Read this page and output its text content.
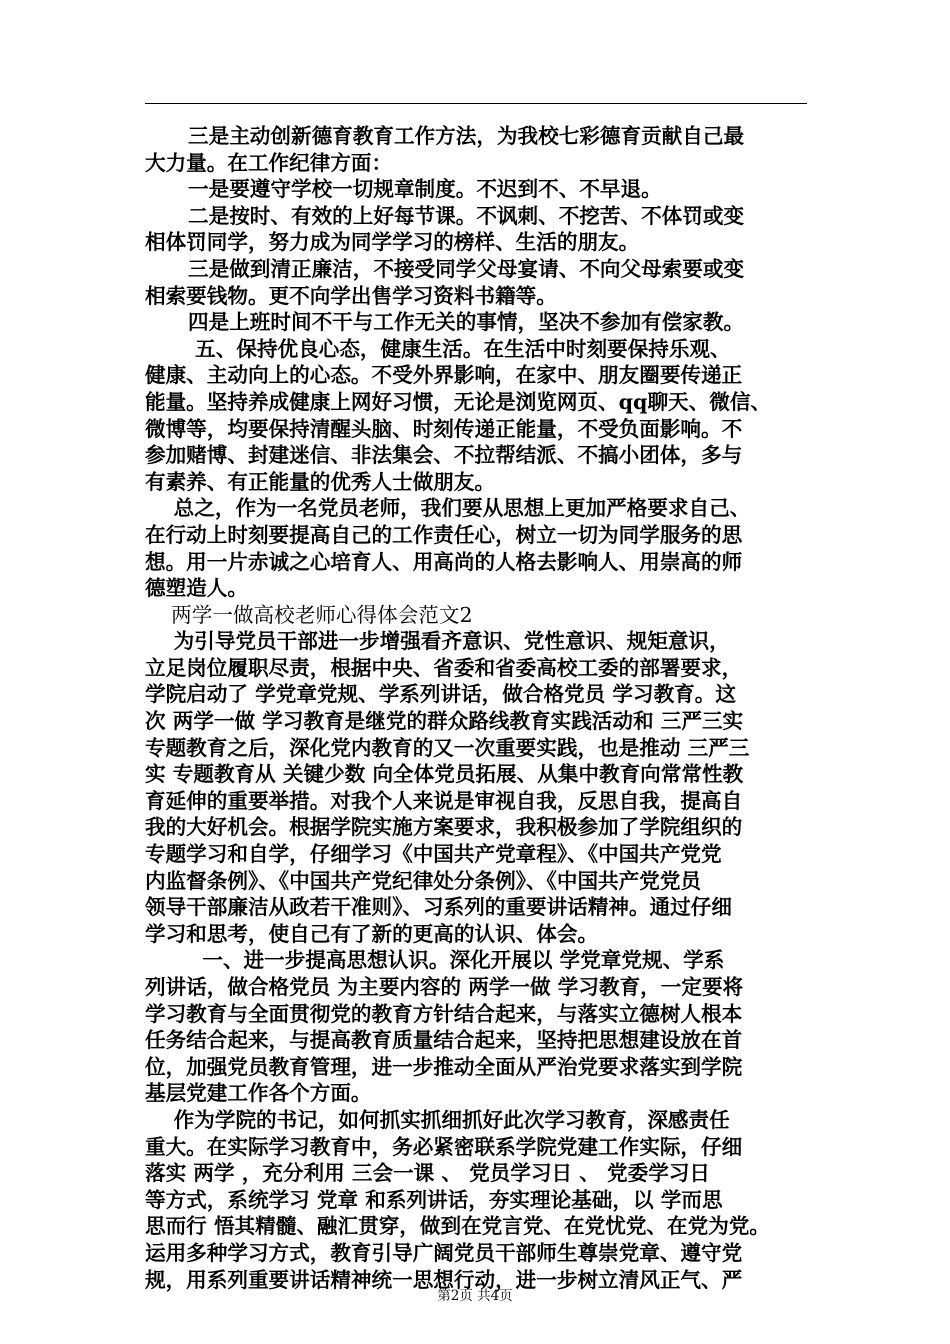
三是主动创新德育教育工作方法，为我校七彩德育贡献自己最
大力量。在工作纪律方面：
一是要遵守学校一切规章制度。不迟到不、不早退。
二是按时、有效的上好每节课。不讽刺、不挖苦、不体罚或变
相体罚同学，努力成为同学学习的榜样、生活的朋友。
三是做到清正廉洁，不接受同学父母宴请、不向父母索要或变
相索要钱物。更不向学出售学习资料书籍等。
四是上班时间不干与工作无关的事情，坚决不参加有偿家教。
五、保持优良心态，健康生活。在生活中时刻要保持乐观、
健康、主动向上的心态。不受外界影响，在家中、朋友圈要传递正
能量。坚持养成健康上网好习惯，无论是浏览网页、qq聊天、微信、
微博等，均要保持清醒头脑、时刻传递正能量，不受负面影响。不
参加赌博、封建迷信、非法集会、不拉帮结派、不搞小团体，多与
有素养、有正能量的优秀人士做朋友。
总之，作为一名党员老师，我们要从思想上更加严格要求自己、
在行动上时刻要提高自己的工作责任心，树立一切为同学服务的思
想。用一片赤诚之心培育人、用高尚的人格去影响人、用崇高的师
德塑造人。
两学一做高校老师心得体会范文2
为引导党员干部进一步增强看齐意识、党性意识、规矩意识，
立足岗位履职尽责，根据中央、省委和省委高校工委的部署要求，
学院启动了 学党章党规、学系列讲话，做合格党员 学习教育。这
次 两学一做 学习教育是继党的群众路线教育实践活动和 三严三实
专题教育之后，深化党内教育的又一次重要实践，也是推动 三严三
实 专题教育从 关键少数 向全体党员拓展、从集中教育向常常性教
育延伸的重要举措。对我个人来说是审视自我，反思自我，提高自
我的大好机会。根据学院实施方案要求，我积极参加了学院组织的
专题学习和自学，仔细学习《中国共产党章程》、《中国共产党党
内监督条例》、《中国共产党纪律处分条例》、《中国共产党党员
领导干部廉洁从政若干准则》、习系列的重要讲话精神。通过仔细
学习和思考，使自己有了新的更高的认识、体会。
一、进一步提高思想认识。深化开展以 学党章党规、学系
列讲话，做合格党员 为主要内容的 两学一做 学习教育，一定要将
学习教育与全面贯彻党的教育方针结合起来，与落实立德树人根本
任务结合起来，与提高教育质量结合起来，坚持把思想建设放在首
位，加强党员教育管理，进一步推动全面从严治党要求落实到学院
基层党建工作各个方面。
作为学院的书记，如何抓实抓细抓好此次学习教育，深感责任
重大。在实际学习教育中，务必紧密联系学院党建工作实际，仔细
落实 两学 ，充分利用 三会一课 、 党员学习日 、 党委学习日
等方式，系统学习 党章 和系列讲话，夯实理论基础，以 学而思
思而行 悟其精髓、融汇贯穿，做到在党言党、在党忧党、在党为党。
运用多种学习方式，教育引导广阔党员干部师生尊崇党章、遵守党
规，用系列重要讲话精神统一思想行动，进一步树立清风正气、严
第2页 共4页
